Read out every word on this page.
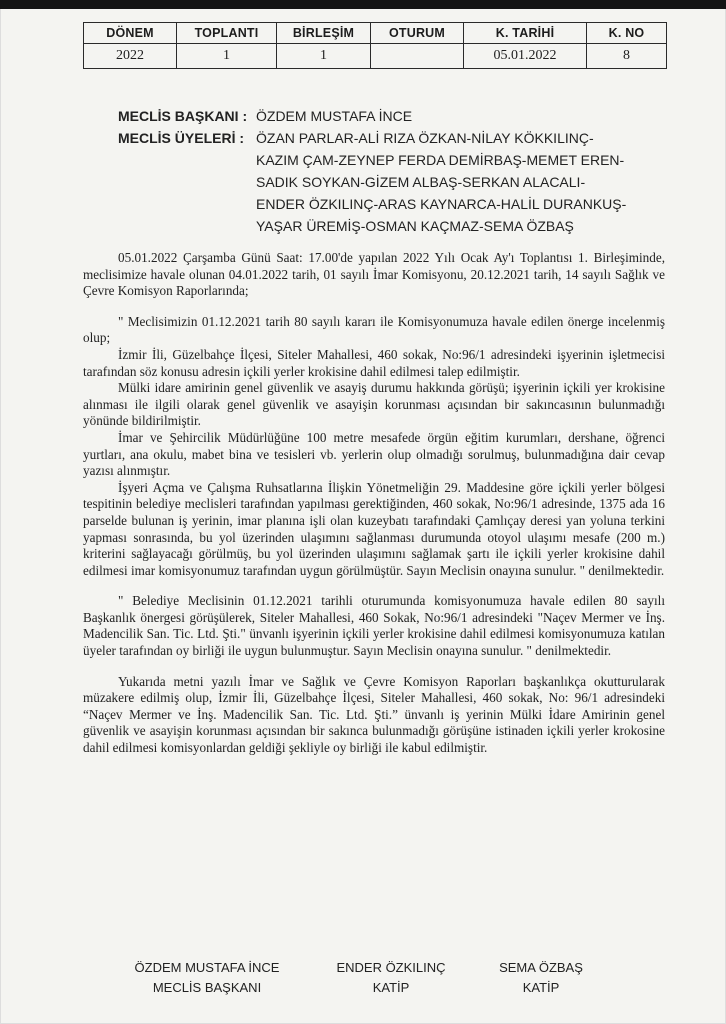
DÖNEM	TOPLANTI	BİRLEŞİM	OTURUM	K. TARİHİ	K. NO
2022	1	1		05.01.2022	8
MECLİS BAŞKANI : ÖZDEM MUSTAFA İNCE
MECLİS ÜYELERİ : ÖZAN PARLAR-ALİ RIZA ÖZKAN-NİLAY KÖKKILINÇ-
KAZIM ÇAM-ZEYNEP FERDA DEMİRBAŞ-MEMET EREN-
SADIK SOYKAN-GİZEM ALBAŞ-SERKAN ALACALI-
ENDER ÖZKILINÇ-ARAS KAYNARCA-HALİL DURANKUŞ-
YAŞAR ÜREMİŞ-OSMAN KAÇMAZ-SEMA ÖZBAŞ

05.01.2022 Çarşamba Günü Saat: 17.00'de yapılan 2022 Yılı Ocak Ay'ı Toplantısı 1. Birleşiminde, meclisimize havale olunan 04.01.2022 tarih, 01 sayılı İmar Komisyonu, 20.12.2021 tarih, 14 sayılı Sağlık ve Çevre Komisyon Raporlarında;

" Meclisimizin 01.12.2021 tarih 80 sayılı kararı ile Komisyonumuza havale edilen önerge incelenmiş olup;

İzmir İli, Güzelbahçe İlçesi, Siteler Mahallesi, 460 sokak, No:96/1 adresindeki işyerinin işletmecisi tarafından söz konusu adresin içkili yerler krokisine dahil edilmesi talep edilmiştir.

Mülki idare amirinin genel güvenlik ve asayiş durumu hakkında görüşü; işyerinin içkili yer krokisine alınması ile ilgili olarak genel güvenlik ve asayişin korunması açısından bir sakıncasının bulunmadığı yönünde bildirilmiştir.

İmar ve Şehircilik Müdürlüğüne 100 metre mesafede örgün eğitim kurumları, dershane, öğrenci yurtları, ana okulu, mabet bina ve tesisleri vb. yerlerin olup olmadığı sorulmuş, bulunmadığına dair cevap yazısı alınmıştır.

İşyeri Açma ve Çalışma Ruhsatlarına İlişkin Yönetmeliğin 29. Maddesine göre içkili yerler bölgesi tespitinin belediye meclisleri tarafından yapılması gerektiğinden, 460 sokak, No:96/1 adresinde, 1375 ada 16 parselde bulunan iş yerinin, imar planına işli olan kuzeybatı tarafındaki Çamlıçay deresi yan yoluna terkini yapması sonrasında, bu yol üzerinden ulaşımını sağlanması durumunda otoyol ulaşımı mesafe (200 m.) kriterini sağlayacağı görülmüş, bu yol üzerinden ulaşımını sağlamak şartı ile içkili yerler krokisine dahil edilmesi imar komisyonumuz tarafından uygun görülmüştür. Sayın Meclisin onayına sunulur. " denilmektedir.

" Belediye Meclisinin 01.12.2021 tarihli oturumunda komisyonumuza havale edilen 80 sayılı Başkanlık önergesi görüşülerek, Siteler Mahallesi, 460 Sokak, No:96/1 adresindeki "Naçev Mermer ve İnş. Madencilik San. Tic. Ltd. Şti." ünvanlı işyerinin içkili yerler krokisine dahil edilmesi komisyonumuza katılan üyeler tarafından oy birliği ile uygun bulunmuştur. Sayın Meclisin onayına sunulur. " denilmektedir.

Yukarıda metni yazılı İmar ve Sağlık ve Çevre Komisyon Raporları başkanlıkça okutturularak müzakere edilmiş olup, İzmir İli, Güzelbahçe İlçesi, Siteler Mahallesi, 460 sokak, No: 96/1 adresindeki “Naçev Mermer ve İnş. Madencilik San. Tic. Ltd. Şti.” ünvanlı iş yerinin Mülki İdare Amirinin genel güvenlik ve asayişin korunması açısından bir sakınca bulunmadığı görüşüne istinaden içkili yerler krokosine dahil edilmesi komisyonlardan geldiği şekliyle oy birliği ile kabul edilmiştir.

ÖZDEM MUSTAFA İNCE
MECLİS BAŞKANI
ENDER ÖZKILINÇ
KATİP
SEMA ÖZBAŞ
KATİP
